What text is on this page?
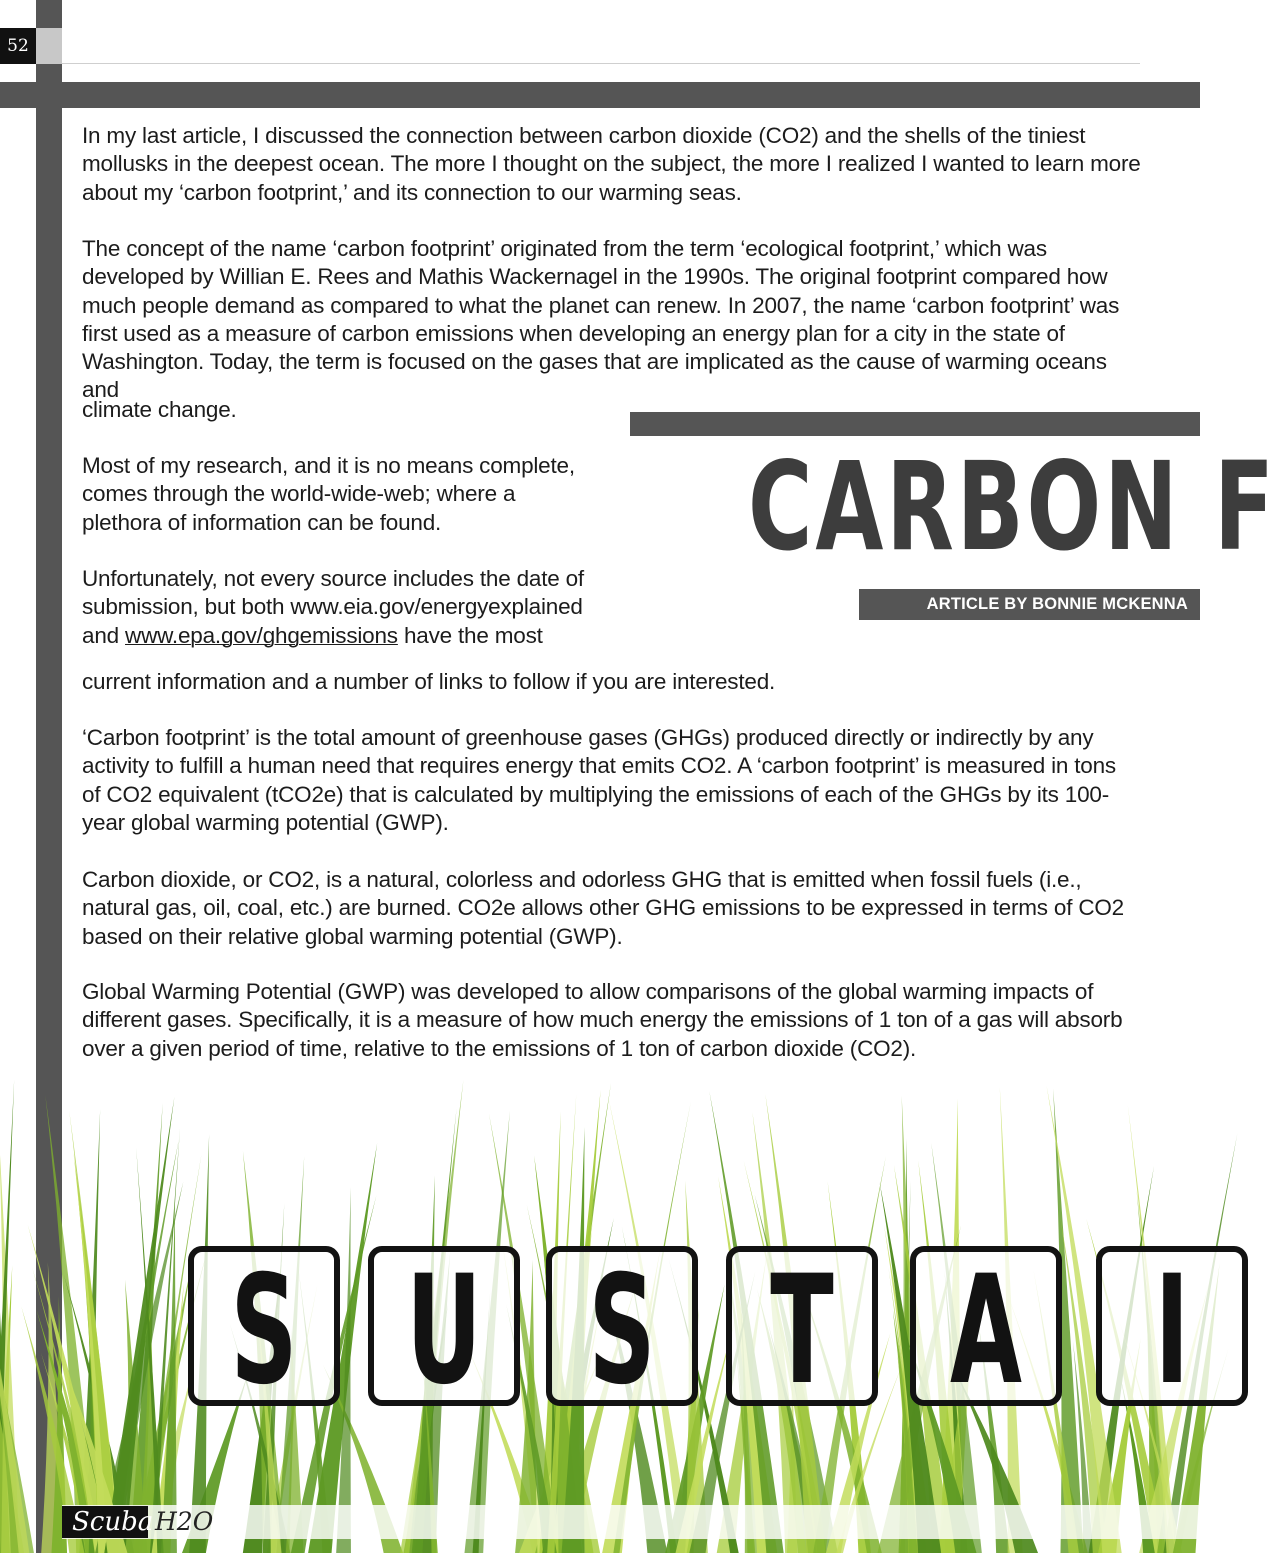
52

In my last article, I discussed the connection between carbon dioxide (CO2) and the shells of the tiniest mollusks in the deepest ocean. The more I thought on the subject, the more I realized I wanted to learn more about my ‘carbon footprint,’ and its connection to our warming seas.

The concept of the name ‘carbon footprint’ originated from the term ‘ecological footprint,’ which was developed by Willian E. Rees and Mathis Wackernagel in the 1990s. The original footprint compared how much people demand as compared to what the planet can renew. In 2007, the name ‘carbon footprint’ was first used as a measure of carbon emissions when developing an energy plan for a city in the state of Washington. Today, the term is focused on the gases that are implicated as the cause of warming oceans and

climate change.

Most of my research, and it is no means complete, comes through the world-wide-web; where a plethora of information can be found.

Unfortunately, not every source includes the date of submission, but both www.eia.gov/energyexplained and www.epa.gov/ghgemissions have the most

current information and a number of links to follow if you are interested.

‘Carbon footprint’ is the total amount of greenhouse gases (GHGs) produced directly or indirectly by any activity to fulfill a human need that requires energy that emits CO2. A ‘carbon footprint’ is measured in tons of CO2 equivalent (tCO2e) that is calculated by multiplying the emissions of each of the GHGs by its 100-year global warming potential (GWP).

Carbon dioxide, or CO2, is a natural, colorless and odorless GHG that is emitted when fossil fuels (i.e., natural gas, oil, coal, etc.) are burned. CO2e allows other GHG emissions to be expressed in terms of CO2 based on their relative global warming potential (GWP).

Global Warming Potential (GWP) was developed to allow comparisons of the global warming impacts of different gases. Specifically, it is a measure of how much energy the emissions of 1 ton of a gas will absorb over a given period of time, relative to the emissions of 1 ton of carbon dioxide (CO2).

CARBON F
ARTICLE BY BONNIE MCKENNA
S U S T A I
Scuba H2O
